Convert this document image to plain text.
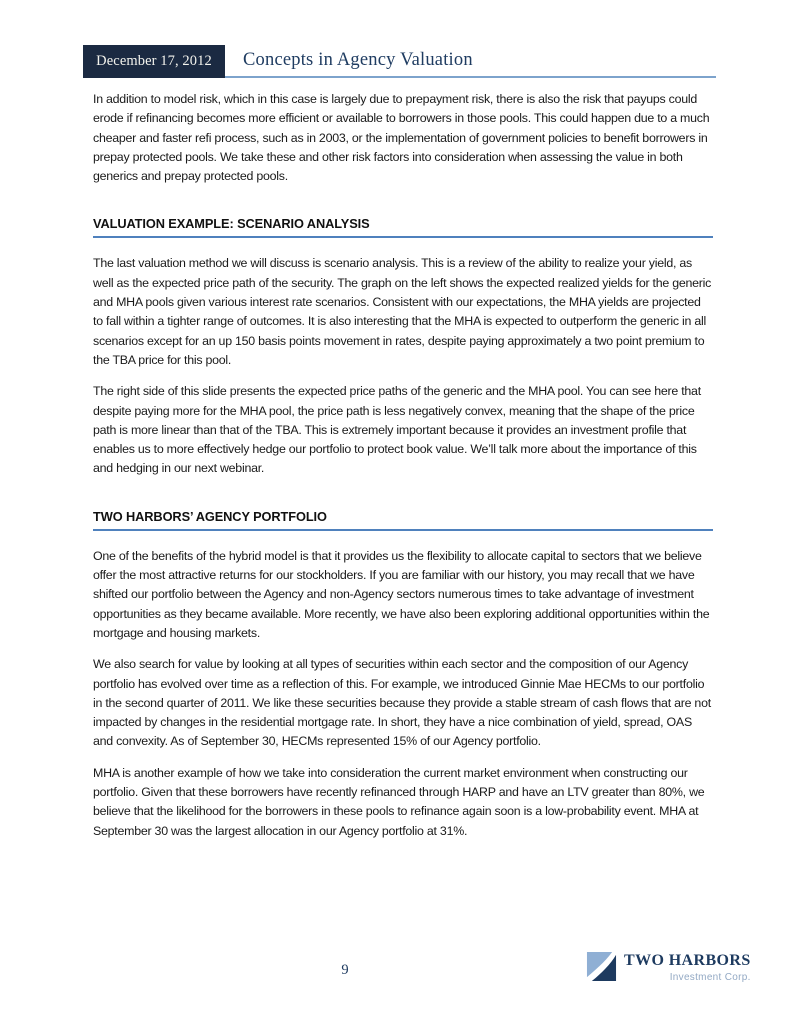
December 17, 2012 Concepts in Agency Valuation

In addition to model risk, which in this case is largely due to prepayment risk, there is also the risk that payups could erode if refinancing becomes more efficient or available to borrowers in those pools. This could happen due to a much cheaper and faster refi process, such as in 2003, or the implementation of government policies to benefit borrowers in prepay protected pools. We take these and other risk factors into consideration when assessing the value in both generics and prepay protected pools.

VALUATION EXAMPLE: SCENARIO ANALYSIS

The last valuation method we will discuss is scenario analysis. This is a review of the ability to realize your yield, as well as the expected price path of the security. The graph on the left shows the expected realized yields for the generic and MHA pools given various interest rate scenarios. Consistent with our expectations, the MHA yields are projected to fall within a tighter range of outcomes. It is also interesting that the MHA is expected to outperform the generic in all scenarios except for an up 150 basis points movement in rates, despite paying approximately a two point premium to the TBA price for this pool.

The right side of this slide presents the expected price paths of the generic and the MHA pool. You can see here that despite paying more for the MHA pool, the price path is less negatively convex, meaning that the shape of the price path is more linear than that of the TBA. This is extremely important because it provides an investment profile that enables us to more effectively hedge our portfolio to protect book value. We’ll talk more about the importance of this and hedging in our next webinar.

TWO HARBORS’ AGENCY PORTFOLIO

One of the benefits of the hybrid model is that it provides us the flexibility to allocate capital to sectors that we believe offer the most attractive returns for our stockholders. If you are familiar with our history, you may recall that we have shifted our portfolio between the Agency and non-Agency sectors numerous times to take advantage of investment opportunities as they became available. More recently, we have also been exploring additional opportunities within the mortgage and housing markets.

We also search for value by looking at all types of securities within each sector and the composition of our Agency portfolio has evolved over time as a reflection of this. For example, we introduced Ginnie Mae HECMs to our portfolio in the second quarter of 2011. We like these securities because they provide a stable stream of cash flows that are not impacted by changes in the residential mortgage rate. In short, they have a nice combination of yield, spread, OAS and convexity. As of September 30, HECMs represented 15% of our Agency portfolio.

MHA is another example of how we take into consideration the current market environment when constructing our portfolio. Given that these borrowers have recently refinanced through HARP and have an LTV greater than 80%, we believe that the likelihood for the borrowers in these pools to refinance again soon is a low-probability event. MHA at September 30 was the largest allocation in our Agency portfolio at 31%.

9
TWO HARBORS
Investment Corp.
